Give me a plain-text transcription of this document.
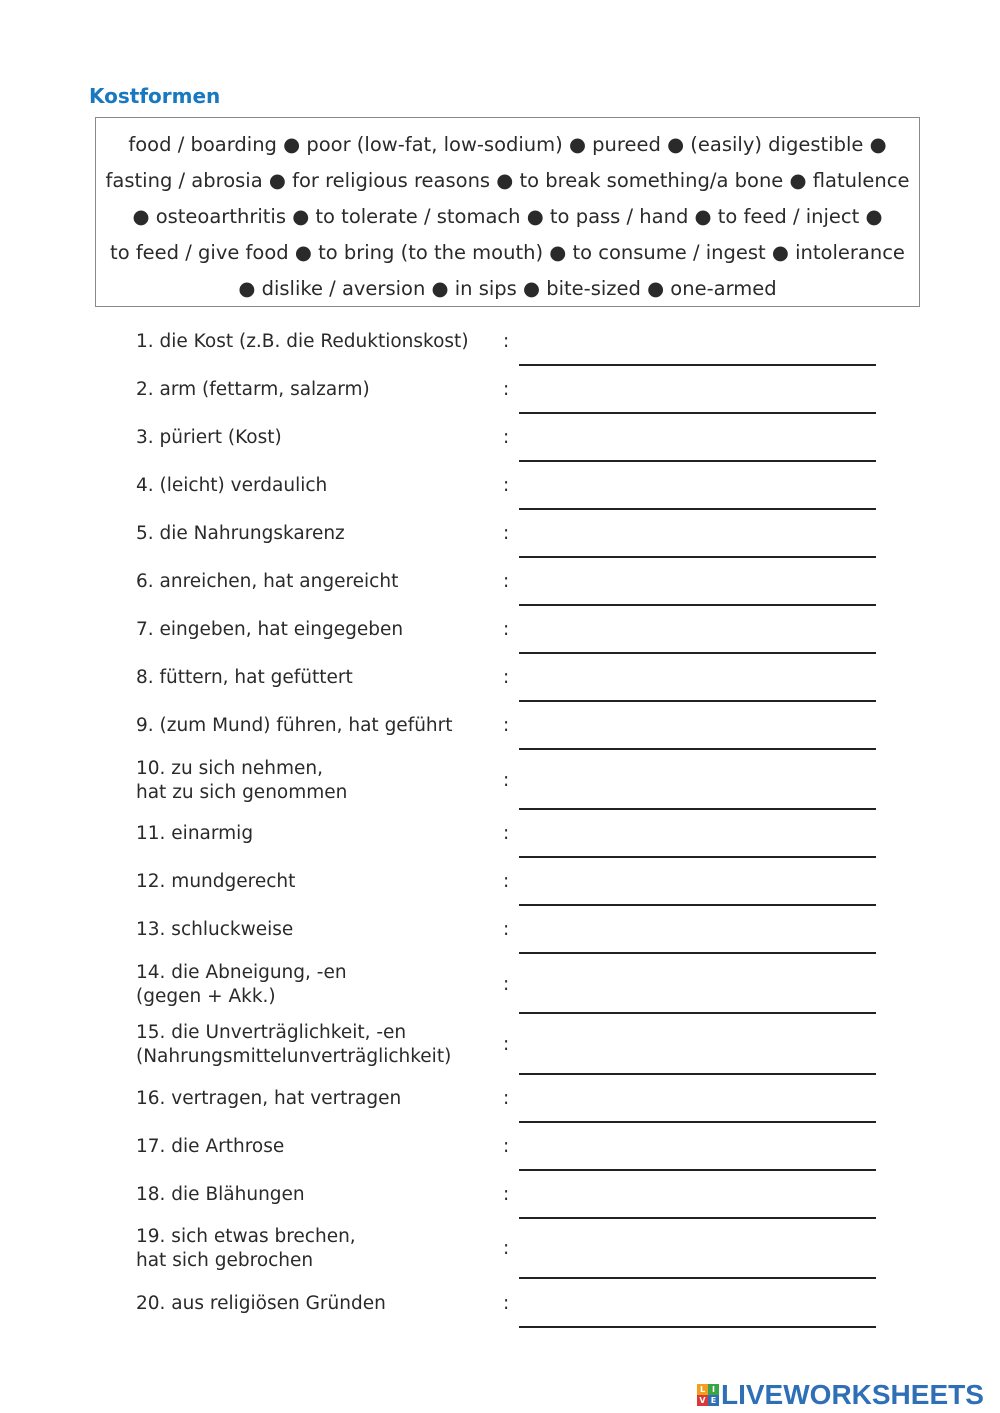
Kostformen
food / boarding ● poor (low-fat, low-sodium) ● pureed ● (easily) digestible ●
fasting / abrosia ● for religious reasons ● to break something/a bone ● flatulence
● osteoarthritis ● to tolerate / stomach ● to pass / hand ● to feed / inject ●
to feed / give food ● to bring (to the mouth) ● to consume / ingest ● intolerance
● dislike / aversion ● in sips ● bite-sized ● one-armed
1. die Kost (z.B. die Reduktionskost) :
2. arm (fettarm, salzarm)	:
3. püriert (Kost)	:
4. (leicht) verdaulich	:
5. die Nahrungskarenz	:
6. anreichen, hat angereicht	:
7. eingeben, hat eingegeben	:
8. füttern, hat gefüttert	:
9. (zum Mund) führen, hat geführt	:
10. zu sich nehmen,
hat zu sich genommen
:
11. einarmig	:
12. mundgerecht	:
13. schluckweise	:
14. die Abneigung, -en
(gegen + Akk.)
:
15. die Unverträglichkeit, -en
(Nahrungsmittelunverträglichkeit)
:
16. vertragen, hat vertragen	:
17. die Arthrose	:
18. die Blähungen	:
19. sich etwas brechen,
hat sich gebrochen
:
20. aus religiösen Gründen	:
L I
V E LIVEWORKSHEETS
